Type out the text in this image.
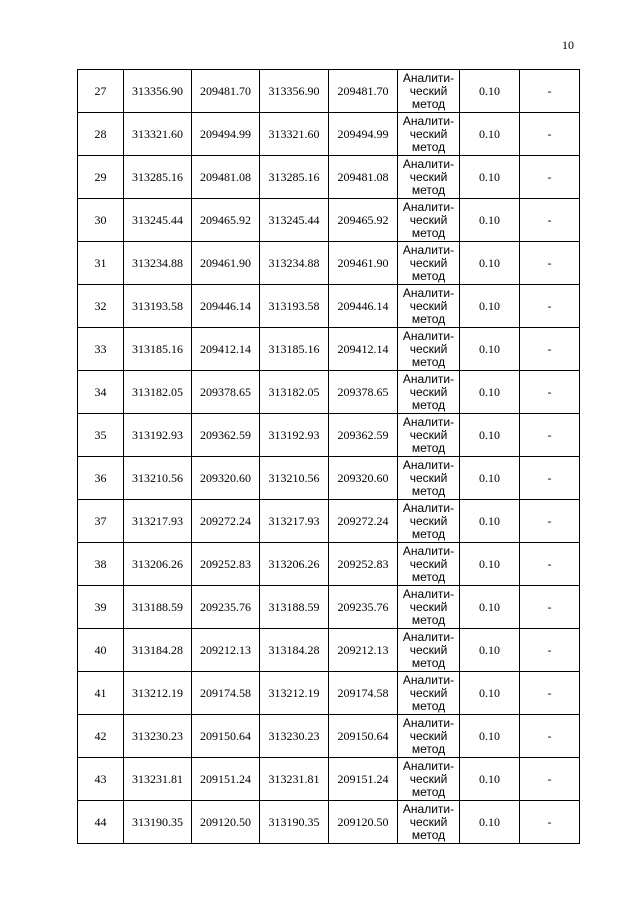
10
27	313356.90	209481.70	313356.90	209481.70	Аналити-
ческий
метод	0.10	-
28	313321.60	209494.99	313321.60	209494.99	Аналити-
ческий
метод	0.10	-
29	313285.16	209481.08	313285.16	209481.08	Аналити-
ческий
метод	0.10	-
30	313245.44	209465.92	313245.44	209465.92	Аналити-
ческий
метод	0.10	-
31	313234.88	209461.90	313234.88	209461.90	Аналити-
ческий
метод	0.10	-
32	313193.58	209446.14	313193.58	209446.14	Аналити-
ческий
метод	0.10	-
33	313185.16	209412.14	313185.16	209412.14	Аналити-
ческий
метод	0.10	-
34	313182.05	209378.65	313182.05	209378.65	Аналити-
ческий
метод	0.10	-
35	313192.93	209362.59	313192.93	209362.59	Аналити-
ческий
метод	0.10	-
36	313210.56	209320.60	313210.56	209320.60	Аналити-
ческий
метод	0.10	-
37	313217.93	209272.24	313217.93	209272.24	Аналити-
ческий
метод	0.10	-
38	313206.26	209252.83	313206.26	209252.83	Аналити-
ческий
метод	0.10	-
39	313188.59	209235.76	313188.59	209235.76	Аналити-
ческий
метод	0.10	-
40	313184.28	209212.13	313184.28	209212.13	Аналити-
ческий
метод	0.10	-
41	313212.19	209174.58	313212.19	209174.58	Аналити-
ческий
метод	0.10	-
42	313230.23	209150.64	313230.23	209150.64	Аналити-
ческий
метод	0.10	-
43	313231.81	209151.24	313231.81	209151.24	Аналити-
ческий
метод	0.10	-
44	313190.35	209120.50	313190.35	209120.50	Аналити-
ческий
метод	0.10	-
